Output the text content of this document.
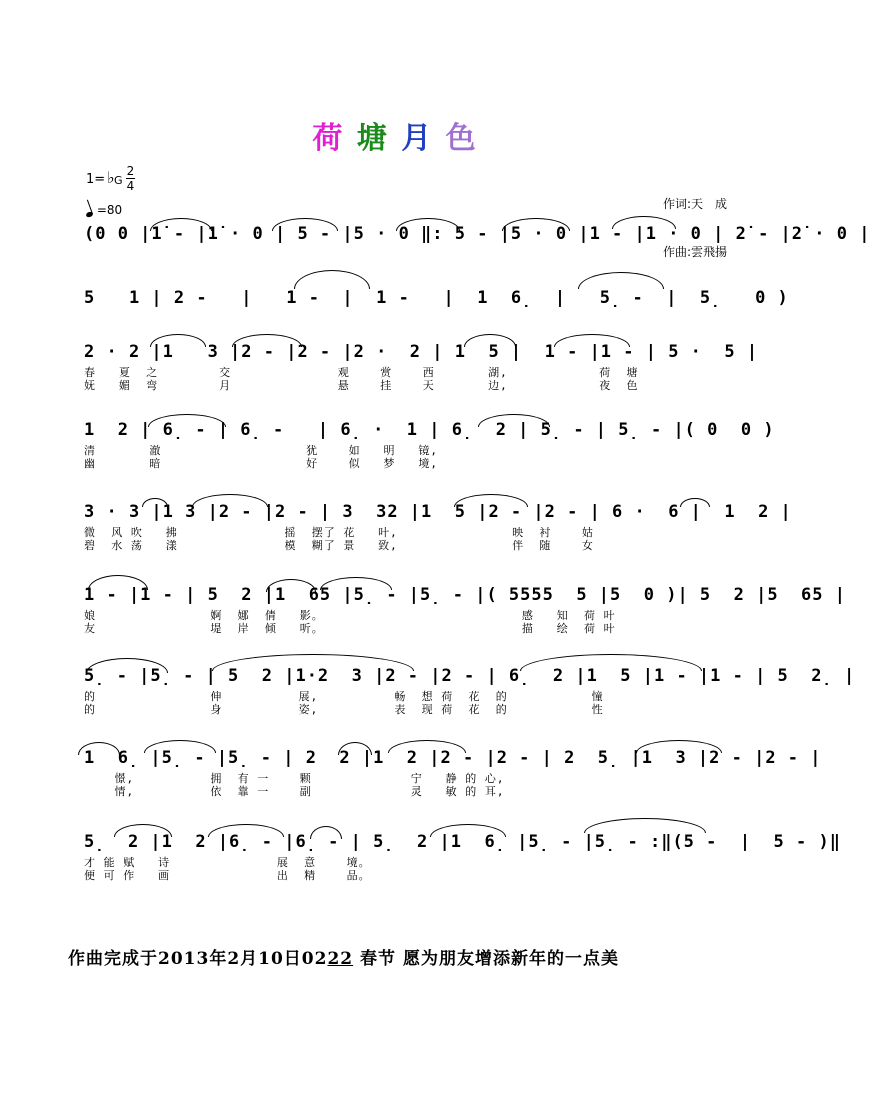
荷 塘 月 色

作词:天　成

作曲:雲飛揚

1= ♭ G
2
4
=80

(0 0 |1̇ - |1̇ · 0 | 5 - |5 · 0 ‖: 5 - |5 · 0 |1 - |1 · 0 | 2̇ - |2̇ · 0 |

5   1 | 2 -   |   1 -  |  1 -   |  1  6̣  |   5̣ -  |  5̣   0 )

2 · 2 |1   3 |2 - |2 - |2 ·  2 | 1  5 |  1 - |1 - | 5 ·  5 |

春   夏  之        交              观    赏    西       湖,            荷  塘
妩   媚  弯        月              悬    挂    天       边,            夜  色

1  2 | 6̣ - | 6̣ -   | 6̣ ·  1 | 6̣  2 | 5̣ - | 5̣ - |( 0  0 )

清       澈                   犹    如   明   镜,
幽       暗                   好    似   梦   境,

3 · 3 |1 3 |2 - |2 - | 3  32 |1  5 |2 - |2 - | 6 ·  6 |  1  2 |

微  风 吹   拂              摇  摆了 花   叶,               映  衬    姑
碧  水 荡   漾              模  糊了 景   致,               伴  随    女

1 - |1 - | 5  2 |1  65 |5̣ - |5̣ - |( 5555  5 |5  0 )| 5  2 |5  65 |

娘               婀  娜  倩   影。                          感   知  荷 叶
友               堤  岸  倾   听。                          描   绘  荷 叶

5̣ - |5̣ - | 5  2 |1·2  3 |2 - |2 - | 6̣  2 |1  5 |1 - |1 - | 5  2̣ |

的               伸          展,          畅  想 荷  花  的           憧
的               身          姿,          表  现 荷  花  的           性

1  6̣ |5̣ - |5̣ - | 2  2 |1  2 |2 - |2 - | 2  5̣ |1  3 |2 - |2 - |

憬,          拥  有 一    颗             宁   静 的 心,
情,          依  靠 一    副             灵   敏 的 耳,

5̣  2 |1  2 |6̣ - |6̣ - | 5̣  2 |1  6̣ |5̣ - |5̣ - :‖(5 -  |  5 - )‖

才 能 赋   诗              展  意    境。
便 可 作   画              出  精    品。
作曲完成于2013年2月10日0222 春节 愿为朋友增添新年的一点美
